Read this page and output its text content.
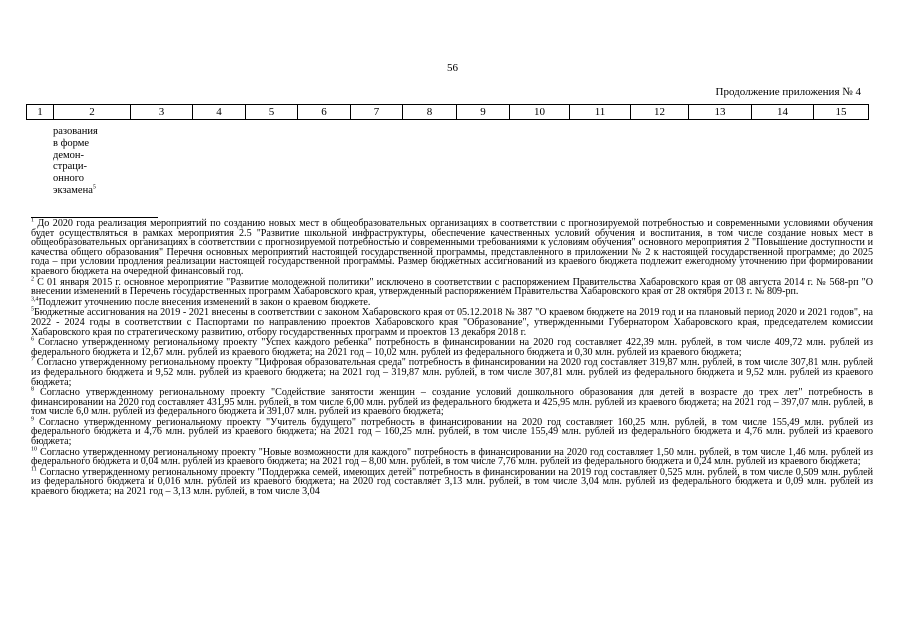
56
Продолжение приложения № 4
1	2	3	4	5	6	7	8	9	10	11	12	13	14	15
разования
в форме
демон-
страци-
онного
экзамена$^5$
$^1$ До 2020 года реализация мероприятий по созданию новых мест в общеобразовательных организациях в соответствии с прогнозируемой потребностью и современными условиями обучения будет осуществляться в рамках мероприятия 2.5 "Развитие школьной инфраструктуры, обеспечение качественных условий обучения и воспитания, в том числе создание новых мест в общеобразовательных организациях в соответствии с прогнозируемой потребностью и современными требованиями к условиям обучения" основного мероприятия 2 "Повышение доступности и качества общего образования" Перечня основных мероприятий настоящей государственной программы, представленного в приложении № 2 к настоящей государственной программе; до 2025 года – при условии продления реализации настоящей государственной программы. Размер бюджетных ассигнований из краевого бюджета подлежит ежегодному уточнению при формировании краевого бюджета на очередной финансовый год.
$^2$ С 01 января 2015 г. основное мероприятие "Развитие молодежной политики" исключено в соответствии с распоряжением Правительства Хабаровского края от 08 августа 2014 г. № 568-рп "О внесении изменений в Перечень государственных программ Хабаровского края, утвержденный распоряжением Правительства Хабаровского края от 28 октября 2013 г. № 809-рп.
$^{3,4}$Подлежит уточнению после внесения изменений в закон о краевом бюджете.
$^5$Бюджетные ассигнования на 2019 - 2021 внесены в соответствии с законом Хабаровского края от 05.12.2018 № 387 "О краевом бюджете на 2019 год и на плановый период 2020 и 2021 годов", на 2022 - 2024 годы в соответствии с Паспортами по направлению проектов Хабаровского края "Образование", утвержденными Губернатором Хабаровского края, председателем комиссии Хабаровского края по стратегическому развитию, отбору государственных программ и проектов 13 декабря 2018 г.
$^6$ Согласно утвержденному региональному проекту "Успех каждого ребенка" потребность в финансировании на 2020 год составляет 422,39 млн. рублей, в том числе 409,72 млн. рублей из федерального бюджета и 12,67 млн. рублей из краевого бюджета; на 2021 год – 10,02 млн. рублей из федерального бюджета и 0,30 млн. рублей из краевого бюджета;
$^7$ Согласно утвержденному региональному проекту "Цифровая образовательная среда" потребность в финансировании на 2020 год составляет 319,87 млн. рублей, в том числе 307,81 млн. рублей из федерального бюджета и 9,52 млн. рублей из краевого бюджета; на 2021 год – 319,87 млн. рублей, в том числе 307,81 млн. рублей из федерального бюджета и 9,52 млн. рублей из краевого бюджета;
$^8$ Согласно утвержденному региональному проекту "Содействие занятости женщин – создание условий дошкольного образования для детей в возрасте до трех лет" потребность в финансировании на 2020 год составляет 431,95 млн. рублей, в том числе 6,00 млн. рублей из федерального бюджета и 425,95 млн. рублей из краевого бюджета; на 2021 год – 397,07 млн. рублей, в том числе 6,0 млн. рублей из федерального бюджета и 391,07 млн. рублей из краевого бюджета;
$^9$ Согласно утвержденному региональному проекту "Учитель будущего" потребность в финансировании на 2020 год составляет 160,25 млн. рублей, в том числе 155,49 млн. рублей из федерального бюджета и 4,76 млн. рублей из краевого бюджета; на 2021 год – 160,25 млн. рублей, в том числе 155,49 млн. рублей из федерального бюджета и 4,76 млн. рублей из краевого бюджета;
$^{10}$ Согласно утвержденному региональному проекту "Новые возможности для каждого" потребность в финансировании на 2020 год составляет 1,50 млн. рублей, в том числе 1,46 млн. рублей из федерального бюджета и 0,04 млн. рублей из краевого бюджета; на 2021 год – 8,00 млн. рублей, в том числе 7,76 млн. рублей из федерального бюджета и 0,24 млн. рублей из краевого бюджета;
$^{11}$ Согласно утвержденному региональному проекту "Поддержка семей, имеющих детей" потребность в финансировании на 2019 год составляет 0,525 млн. рублей, в том числе 0,509 млн. рублей из федерального бюджета и 0,016 млн. рублей из краевого бюджета; на 2020 год составляет 3,13 млн. рублей, в том числе 3,04 млн. рублей из федерального бюджета и 0,09 млн. рублей из краевого бюджета; на 2021 год – 3,13 млн. рублей, в том числе 3,04
